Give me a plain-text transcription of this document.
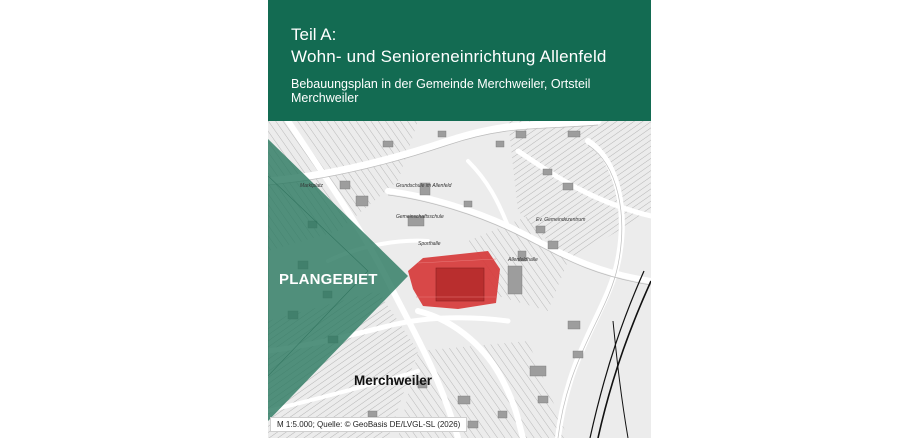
Teil A:
Wohn- und Senioreneinrichtung Allenfeld
Bebauungsplan in der Gemeinde Merchweiler, Ortsteil Merchweiler
Marktplatz	Grundschule im Allenfeld
Gemeinschaftsschule
Sporthalle
Allenfeldhalle
Ev. Gemeindezentrum
PLANGEBIET
Merchweiler
M 1:5.000; Quelle: © GeoBasis DE/LVGL-SL (2026)
